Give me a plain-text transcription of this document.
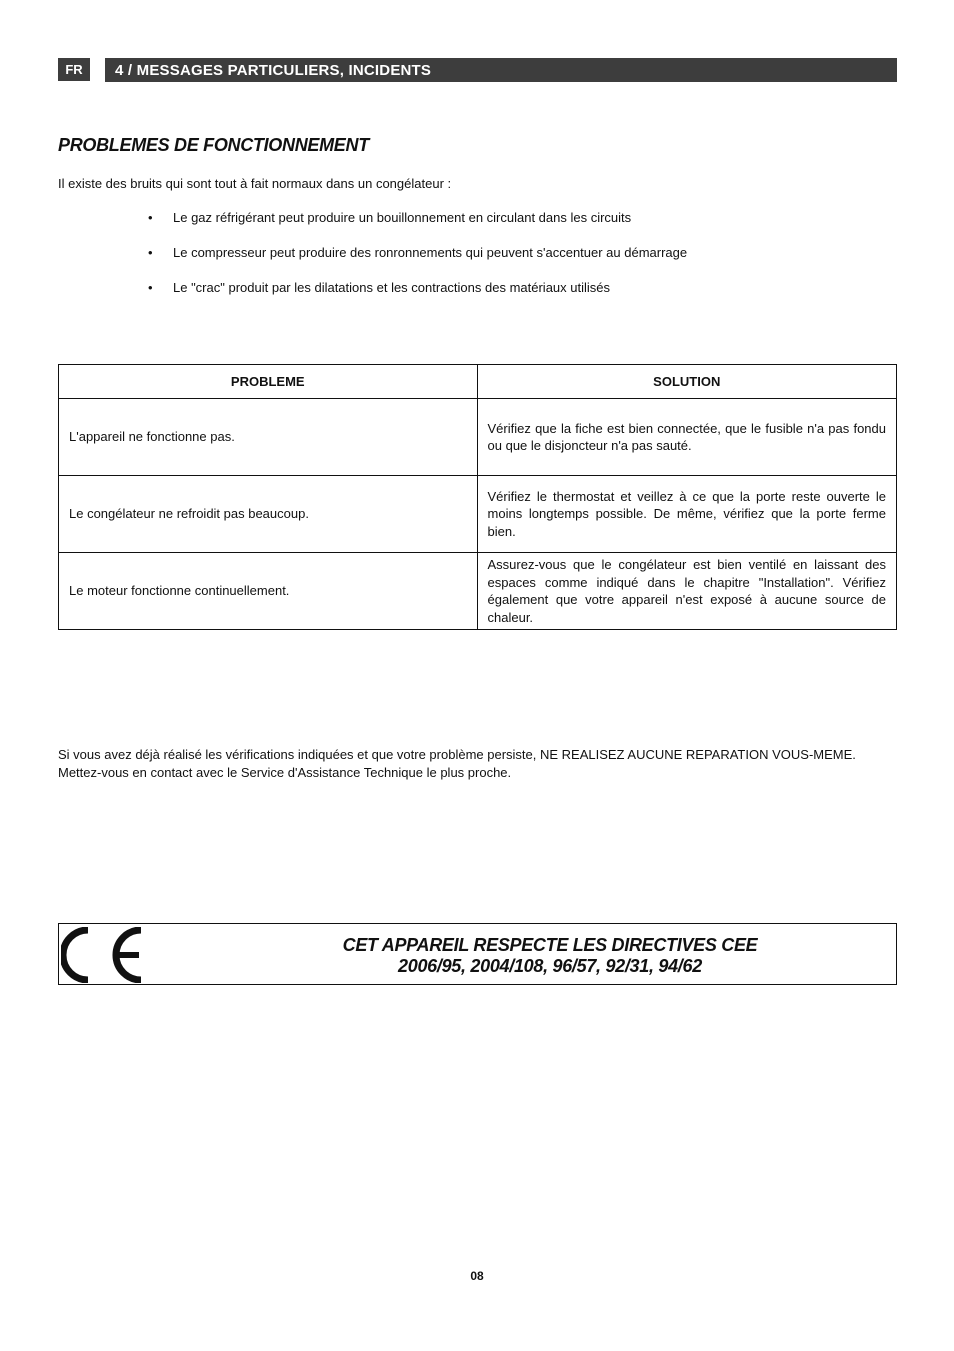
FR	4 / MESSAGES PARTICULIERS, INCIDENTS
PROBLEMES DE FONCTIONNEMENT
Il existe des bruits qui sont tout à fait normaux dans un congélateur :
• Le gaz réfrigérant peut produire un bouillonnement en circulant dans les circuits
• Le compresseur peut produire des ronronnements qui peuvent s'accentuer au démarrage
• Le "crac" produit par les dilatations et les contractions des matériaux utilisés
PROBLEME	SOLUTION
L'appareil ne fonctionne pas.	Vérifiez que la fiche est bien connectée, que le fusible n'a pas fondu ou que le disjoncteur n'a pas sauté.
Le congélateur ne refroidit pas beaucoup.	Vérifiez le thermostat et veillez à ce que la porte reste ouverte le moins longtemps possible. De même, vérifiez que la porte ferme bien.
Le moteur fonctionne continuellement.	Assurez-vous que le congélateur est bien ventilé en laissant des espaces comme indiqué dans le chapitre "Installation". Vérifiez également que votre appareil n'est exposé à aucune source de chaleur.
Si vous avez déjà réalisé les vérifications indiquées et que votre problème persiste, NE REALISEZ AUCUNE REPARATION VOUS-MEME. Mettez-vous en contact avec le Service d'Assistance Technique le plus proche.
CET APPAREIL RESPECTE LES DIRECTIVES CEE
2006/95, 2004/108, 96/57, 92/31, 94/62
08
